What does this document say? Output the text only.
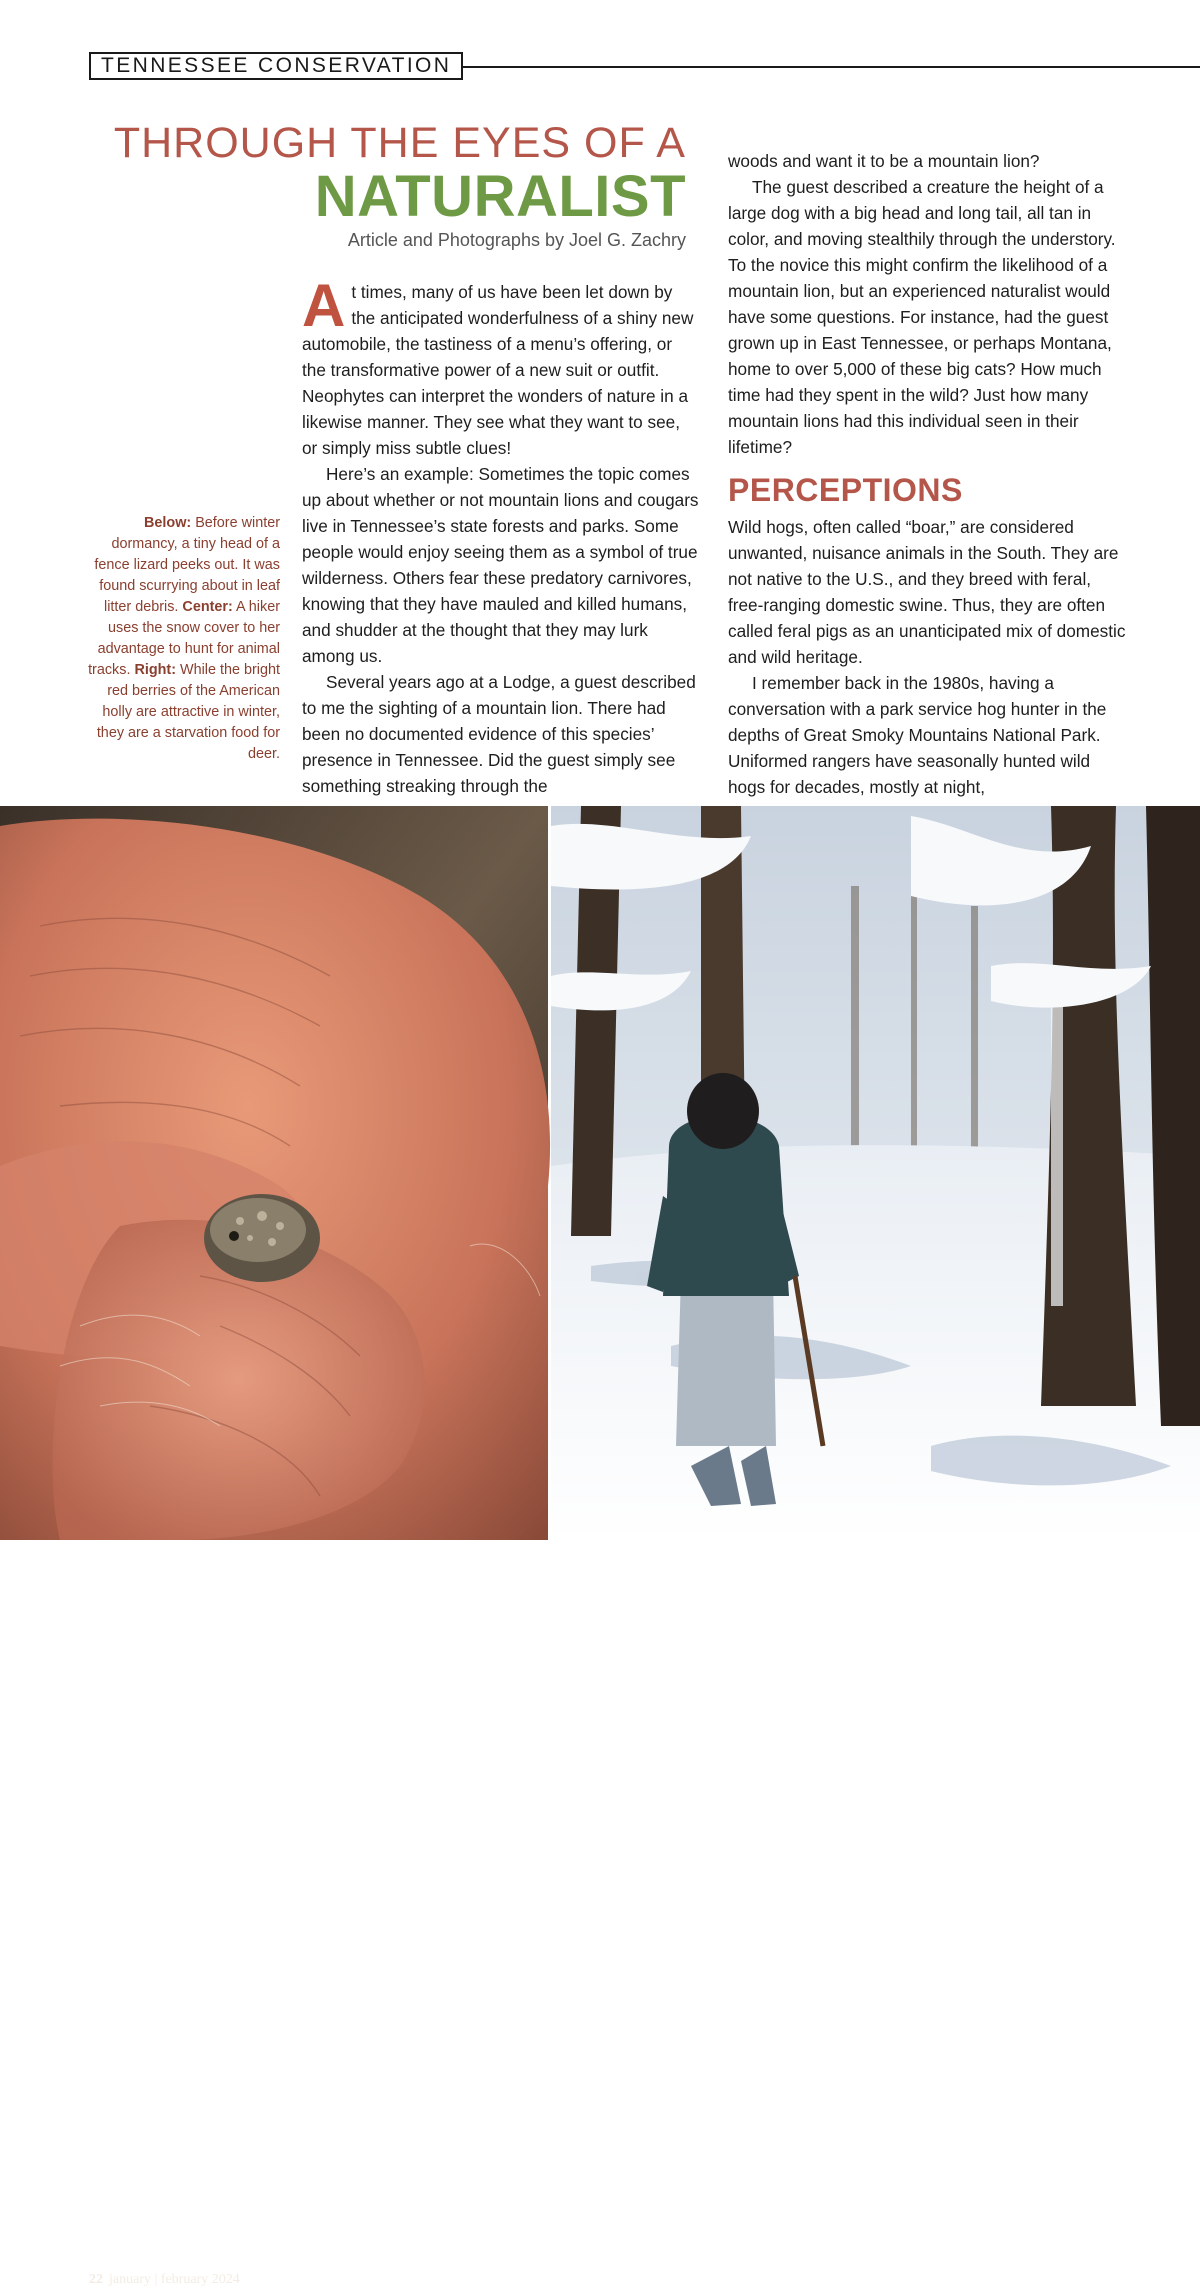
TENNESSEE CONSERVATION
THROUGH THE EYES OF A
NATURALIST
Article and Photographs by Joel G. Zachry

At times, many of us have been let down by the anticipated wonderfulness of a shiny new automobile, the tastiness of a menu’s offering, or the transformative power of a new suit or outfit. Neophytes can interpret the wonders of nature in a likewise manner. They see what they want to see, or simply miss subtle clues!

Here’s an example: Sometimes the topic comes up about whether or not mountain lions and cougars live in Tennessee’s state forests and parks. Some people would enjoy seeing them as a symbol of true wilderness. Others fear these predatory carnivores, knowing that they have mauled and killed humans, and shudder at the thought that they may lurk among us.

Several years ago at a Lodge, a guest described to me the sighting of a mountain lion. There had been no documented evidence of this species’ presence in Tennessee. Did the guest simply see something streaking through the

woods and want it to be a mountain lion?

The guest described a creature the height of a large dog with a big head and long tail, all tan in color, and moving stealthily through the understory. To the novice this might confirm the likelihood of a mountain lion, but an experienced naturalist would have some questions. For instance, had the guest grown up in East Tennessee, or perhaps Montana, home to over 5,000 of these big cats? How much time had they spent in the wild? Just how many mountain lions had this individual seen in their lifetime?

PERCEPTIONS

Wild hogs, often called “boar,” are considered unwanted, nuisance animals in the South. They are not native to the U.S., and they breed with feral, free-ranging domestic swine. Thus, they are often called feral pigs as an unanticipated mix of domestic and wild heritage.

I remember back in the 1980s, having a conversation with a park service hog hunter in the depths of Great Smoky Mountains National Park. Uniformed rangers have seasonally hunted wild hogs for decades, mostly at night,

Below: Before winter dormancy, a tiny head of a fence lizard peeks out. It was found scurrying about in leaf litter debris. Center: A hiker uses the snow cover to her advantage to hunt for animal tracks. Right: While the bright red berries of the American holly are attractive in winter, they are a starvation food for deer.
22 january | february 2024
